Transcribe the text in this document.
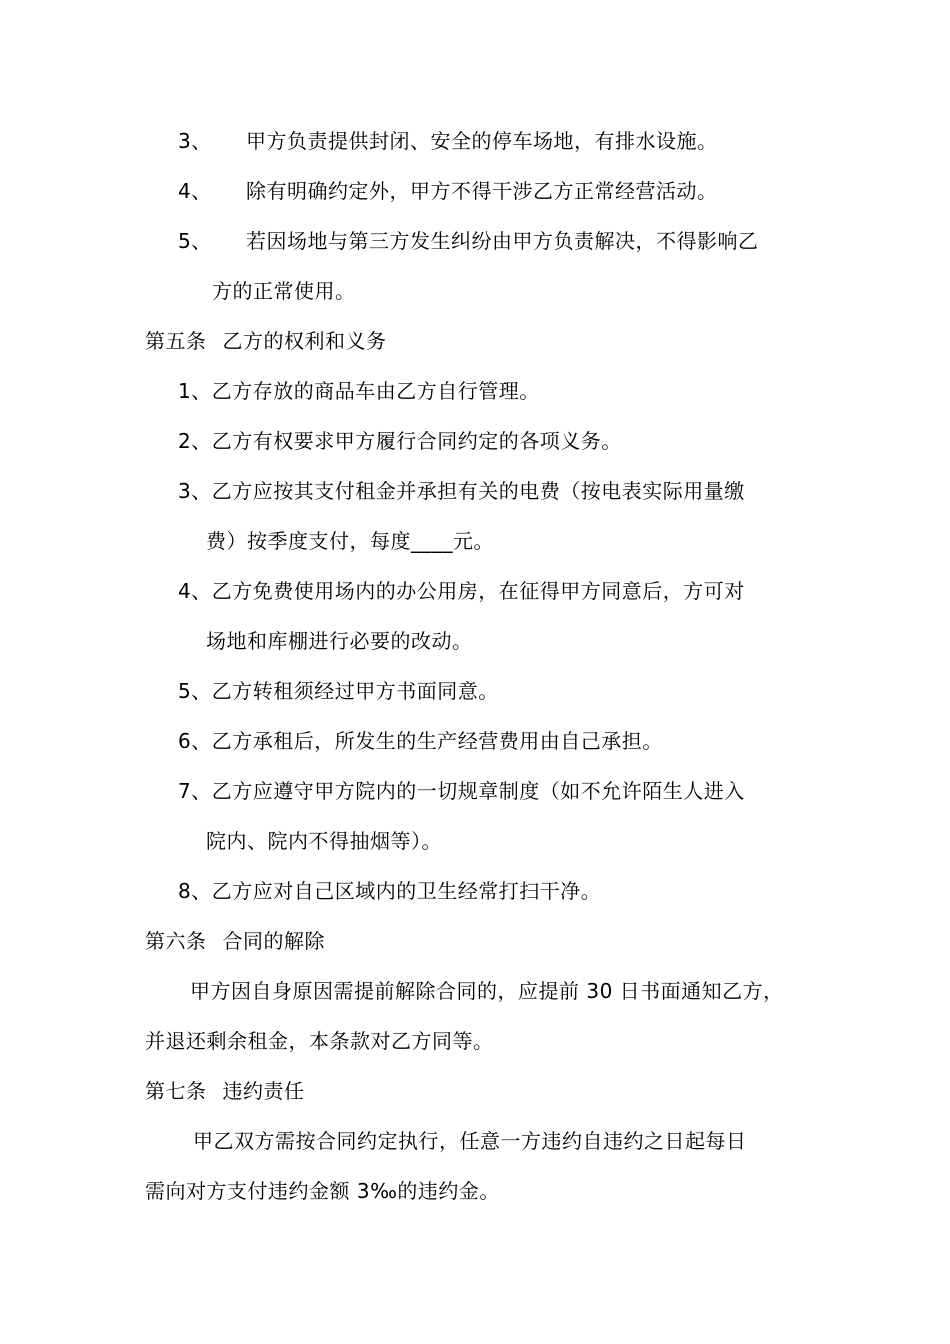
3、 甲方负责提供封闭、安全的停车场地，有排水设施。
4、 除有明确约定外，甲方不得干涉乙方正常经营活动。
5、 若因场地与第三方发生纠纷由甲方负责解决，不得影响乙
方的正常使用。
第五条 乙方的权利和义务
1、乙方存放的商品车由乙方自行管理。
2、乙方有权要求甲方履行合同约定的各项义务。
3、乙方应按其支付租金并承担有关的电费（按电表实际用量缴
费）按季度支付，每度____元。
4、乙方免费使用场内的办公用房，在征得甲方同意后，方可对
场地和库棚进行必要的改动。
5、乙方转租须经过甲方书面同意。
6、乙方承租后，所发生的生产经营费用由自己承担。
7、乙方应遵守甲方院内的一切规章制度（如不允许陌生人进入
院内、院内不得抽烟等）。
8、乙方应对自己区域内的卫生经常打扫干净。
第六条 合同的解除
甲方因自身原因需提前解除合同的，应提前 30 日书面通知乙方，
并退还剩余租金，本条款对乙方同等。
第七条 违约责任
甲乙双方需按合同约定执行，任意一方违约自违约之日起每日
需向对方支付违约金额 3‰的违约金。
